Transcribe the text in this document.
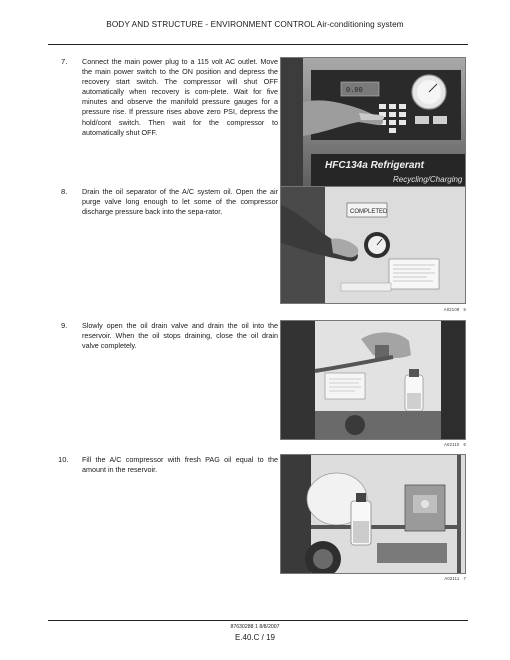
BODY AND STRUCTURE - ENVIRONMENT CONTROL Air-conditioning system
7. Connect the main power plug to a 115 volt AC outlet. Move the main power switch to the ON position and depress the recovery start switch. The compressor will shut OFF automatically when recovery is com-plete. Wait for five minutes and observe the manifold pressure gauges for a pressure rise. If pressure rises above zero PSI, depress the hold/cont switch. Then wait for the compressor to automatically shut OFF.
0.00
HFC134a Refrigerant
Recycling/Charging

8. Drain the oil separator of the A/C system oil. Open the air purge valve long enough to let some of the compressor discharge pressure back into the sepa-rator.	COMPLETED
A02109 5
9. Slowly open the oil drain valve and drain the oil into the reservoir. When the oil stops draining, close the oil drain valve completely.
A02110 6
10. Fill the A/C compressor with fresh PAG oil equal to the amount in the reservoir.
A02111 7
87630288 1 8/8/2007
E.40.C / 19
